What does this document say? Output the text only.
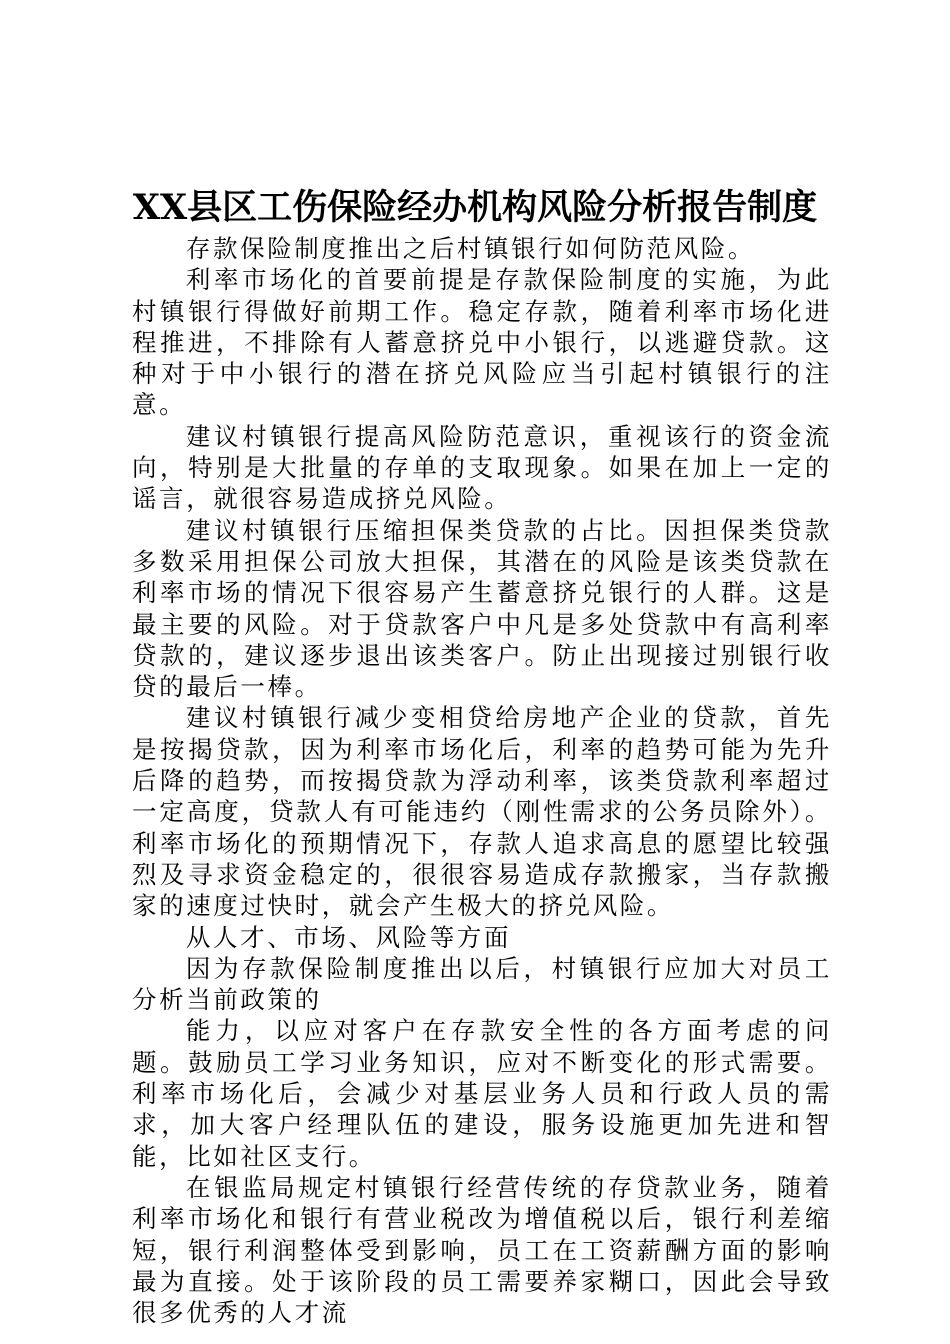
XX县区工伤保险经办机构风险分析报告制度

存款保险制度推出之后村镇银行如何防范风险。

利率市场化的首要前提是存款保险制度的实施，为此村镇银行得做好前期工作。稳定存款，随着利率市场化进程推进，不排除有人蓄意挤兑中小银行，以逃避贷款。这种对于中小银行的潜在挤兑风险应当引起村镇银行的注意。

建议村镇银行提高风险防范意识，重视该行的资金流向，特别是大批量的存单的支取现象。如果在加上一定的谣言，就很容易造成挤兑风险。

建议村镇银行压缩担保类贷款的占比。因担保类贷款多数采用担保公司放大担保，其潜在的风险是该类贷款在利率市场的情况下很容易产生蓄意挤兑银行的人群。这是最主要的风险。对于贷款客户中凡是多处贷款中有高利率贷款的，建议逐步退出该类客户。防止出现接过别银行收贷的最后一棒。

建议村镇银行减少变相贷给房地产企业的贷款，首先是按揭贷款，因为利率市场化后，利率的趋势可能为先升后降的趋势，而按揭贷款为浮动利率，该类贷款利率超过一定高度，贷款人有可能违约（刚性需求的公务员除外）。利率市场化的预期情况下，存款人追求高息的愿望比较强烈及寻求资金稳定的，很很容易造成存款搬家，当存款搬家的速度过快时，就会产生极大的挤兑风险。

从人才、市场、风险等方面

因为存款保险制度推出以后，村镇银行应加大对员工分析当前政策的

能力，以应对客户在存款安全性的各方面考虑的问题。鼓励员工学习业务知识，应对不断变化的形式需要。利率市场化后，会减少对基层业务人员和行政人员的需求，加大客户经理队伍的建设，服务设施更加先进和智能，比如社区支行。

在银监局规定村镇银行经营传统的存贷款业务，随着利率市场化和银行有营业税改为增值税以后，银行利差缩短，银行利润整体受到影响，员工在工资薪酬方面的影响最为直接。处于该阶段的员工需要养家糊口，因此会导致很多优秀的人才流
